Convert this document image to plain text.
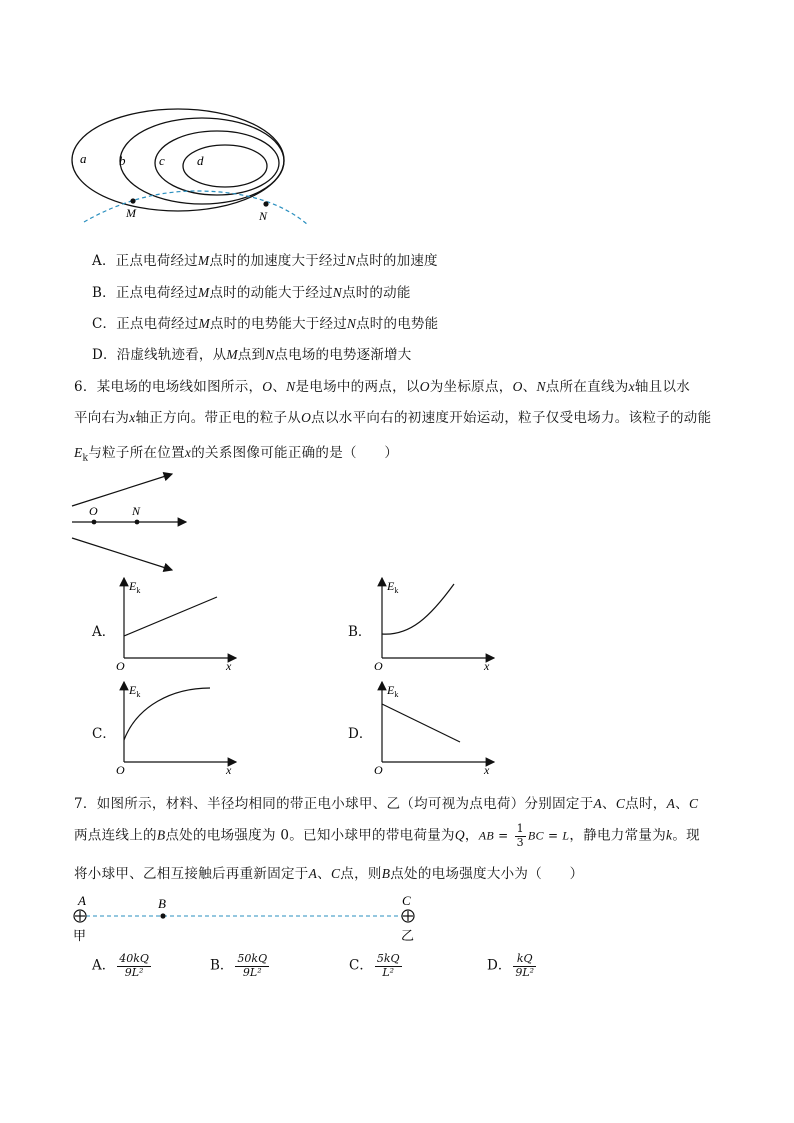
a	b	c d
M	N
A．正点电荷经过M点时的加速度大于经过N点时的加速度
B．正点电荷经过M点时的动能大于经过N点时的动能
C．正点电荷经过M点时的电势能大于经过N点时的电势能
D．沿虚线轨迹看，从M点到N点电场的电势逐渐增大
6．某电场的电场线如图所示，O、N是电场中的两点，以O为坐标原点，O、N点所在直线为x轴且以水
平向右为x轴正方向。带正电的粒子从O点以水平向右的初速度开始运动，粒子仅受电场力。该粒子的动能
$E_k$与粒子所在位置x的关系图像可能正确的是（　　）
O	N
A．
$E_k$
O	x
B．
$E_k$
O	x
C．
$E_k$
O	x
D．
$E_k$
O	x
7．如图所示，材料、半径均相同的带正电小球甲、乙（均可视为点电荷）分别固定于A、C点时，A、C
两点连线上的B点处的电场强度为 0。已知小球甲的带电荷量为Q，AB = $\frac{1}{3}$ BC = L，静电力常量为k。现
将小球甲、乙相互接触后再重新固定于A、C点，则B点处的电场强度大小为（　　）
A	B	C
甲	乙
A． $\frac{40kQ}{\text{9L²}}$	B． $\frac{50kQ}{\text{9L²}}$	C． $\frac{5kQ}{\text{L²}}$	D． $\frac{kQ}{\text{9L²}}$
